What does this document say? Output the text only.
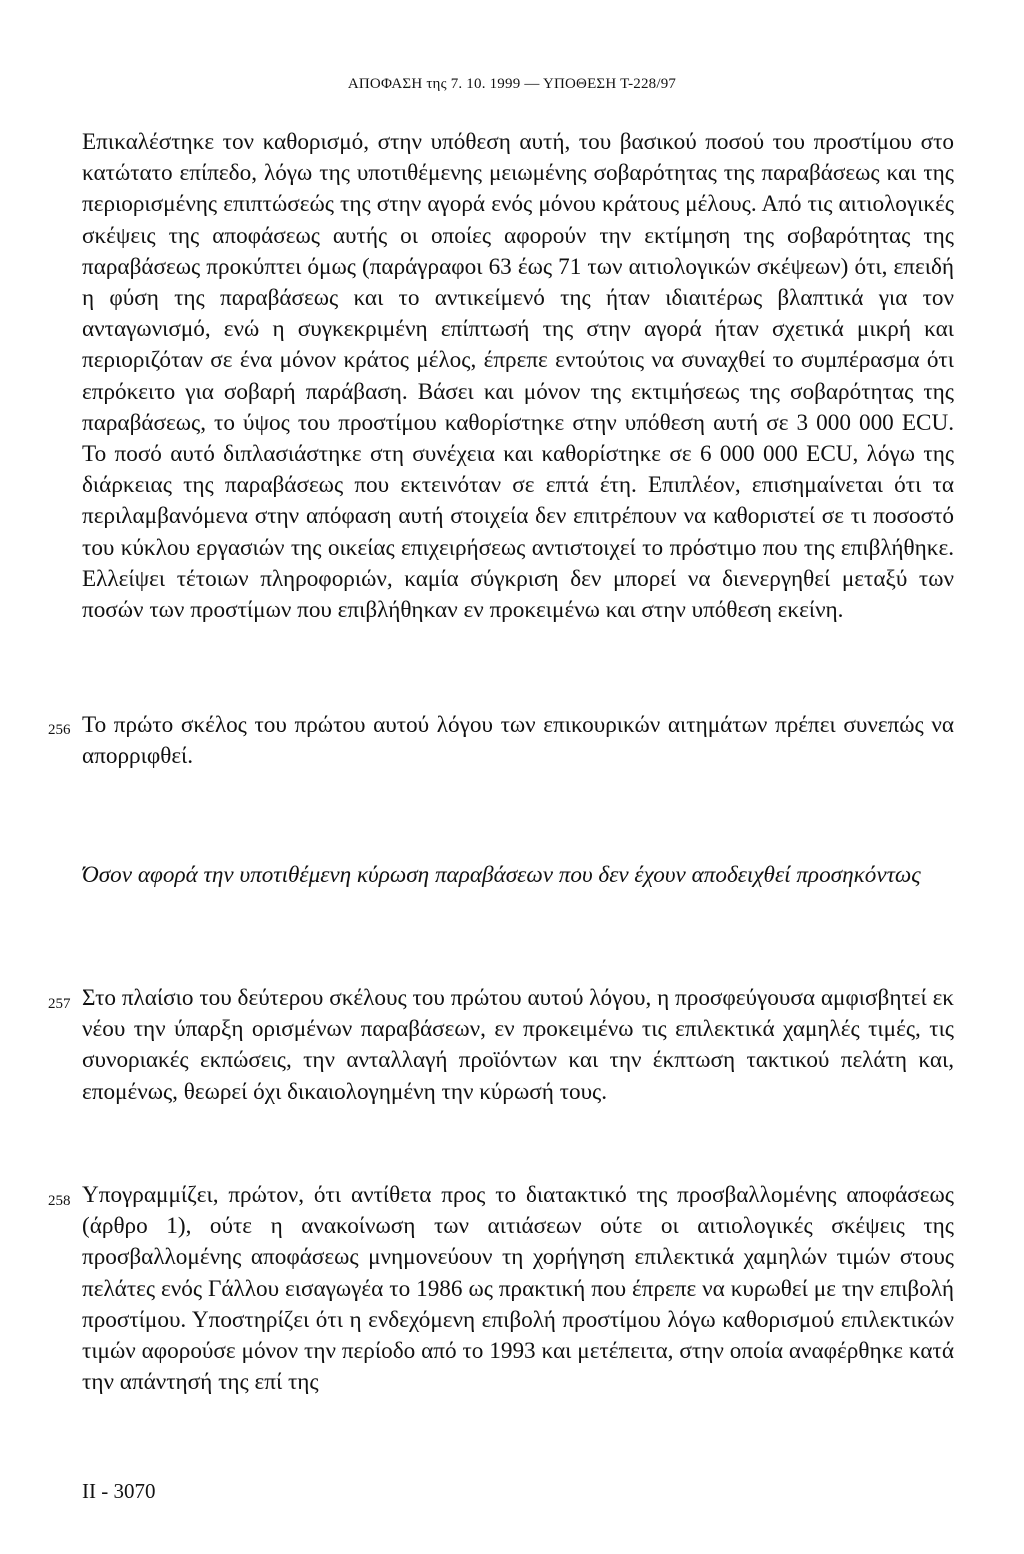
ΑΠΟΦΑΣΗ της 7. 10. 1999 — ΥΠΟΘΕΣΗ Τ-228/97

Επικαλέστηκε τον καθορισμό, στην υπόθεση αυτή, του βασικού ποσού του προστίμου στο κατώτατο επίπεδο, λόγω της υποτιθέμενης μειωμένης σοβαρότητας της παραβάσεως και της περιορισμένης επιπτώσεώς της στην αγορά ενός μόνου κράτους μέλους. Από τις αιτιολογικές σκέψεις της αποφάσεως αυτής οι οποίες αφορούν την εκτίμηση της σοβαρότητας της παραβάσεως προκύπτει όμως (παράγραφοι 63 έως 71 των αιτιολογικών σκέψεων) ότι, επειδή η φύση της παραβάσεως και το αντικείμενό της ήταν ιδιαιτέρως βλαπτικά για τον ανταγωνισμό, ενώ η συγκεκριμένη επίπτωσή της στην αγορά ήταν σχετικά μικρή και περιοριζόταν σε ένα μόνον κράτος μέλος, έπρεπε εντούτοις να συναχθεί το συμπέρασμα ότι επρόκειτο για σοβαρή παράβαση. Βάσει και μόνον της εκτιμήσεως της σοβαρότητας της παραβάσεως, το ύψος του προστίμου καθορίστηκε στην υπόθεση αυτή σε 3 000 000 ECU. Το ποσό αυτό διπλασιάστηκε στη συνέχεια και καθορίστηκε σε 6 000 000 ECU, λόγω της διάρκειας της παραβάσεως που εκτεινόταν σε επτά έτη. Επιπλέον, επισημαίνεται ότι τα περιλαμβανόμενα στην απόφαση αυτή στοιχεία δεν επιτρέπουν να καθοριστεί σε τι ποσοστό του κύκλου εργασιών της οικείας επιχειρήσεως αντιστοιχεί το πρόστιμο που της επιβλήθηκε. Ελλείψει τέτοιων πληροφοριών, καμία σύγκριση δεν μπορεί να διενεργηθεί μεταξύ των ποσών των προστίμων που επιβλήθηκαν εν προκειμένω και στην υπόθεση εκείνη.

256 Το πρώτο σκέλος του πρώτου αυτού λόγου των επικουρικών αιτημάτων πρέπει συνεπώς να απορριφθεί.

Όσον αφορά την υποτιθέμενη κύρωση παραβάσεων που δεν έχουν αποδειχθεί προσηκόντως

257 Στο πλαίσιο του δεύτερου σκέλους του πρώτου αυτού λόγου, η προσφεύγουσα αμφισβητεί εκ νέου την ύπαρξη ορισμένων παραβάσεων, εν προκειμένω τις επιλεκτικά χαμηλές τιμές, τις συνοριακές εκπώσεις, την ανταλλαγή προϊόντων και την έκπτωση τακτικού πελάτη και, επομένως, θεωρεί όχι δικαιολογημένη την κύρωσή τους.

258 Υπογραμμίζει, πρώτον, ότι αντίθετα προς το διατακτικό της προσβαλλομένης αποφάσεως (άρθρο 1), ούτε η ανακοίνωση των αιτιάσεων ούτε οι αιτιολογικές σκέψεις της προσβαλλομένης αποφάσεως μνημονεύουν τη χορήγηση επιλεκτικά χαμηλών τιμών στους πελάτες ενός Γάλλου εισαγωγέα το 1986 ως πρακτική που έπρεπε να κυρωθεί με την επιβολή προστίμου. Υποστηρίζει ότι η ενδεχόμενη επιβολή προστίμου λόγω καθορισμού επιλεκτικών τιμών αφορούσε μόνον την περίοδο από το 1993 και μετέπειτα, στην οποία αναφέρθηκε κατά την απάντησή της επί της

II - 3070
